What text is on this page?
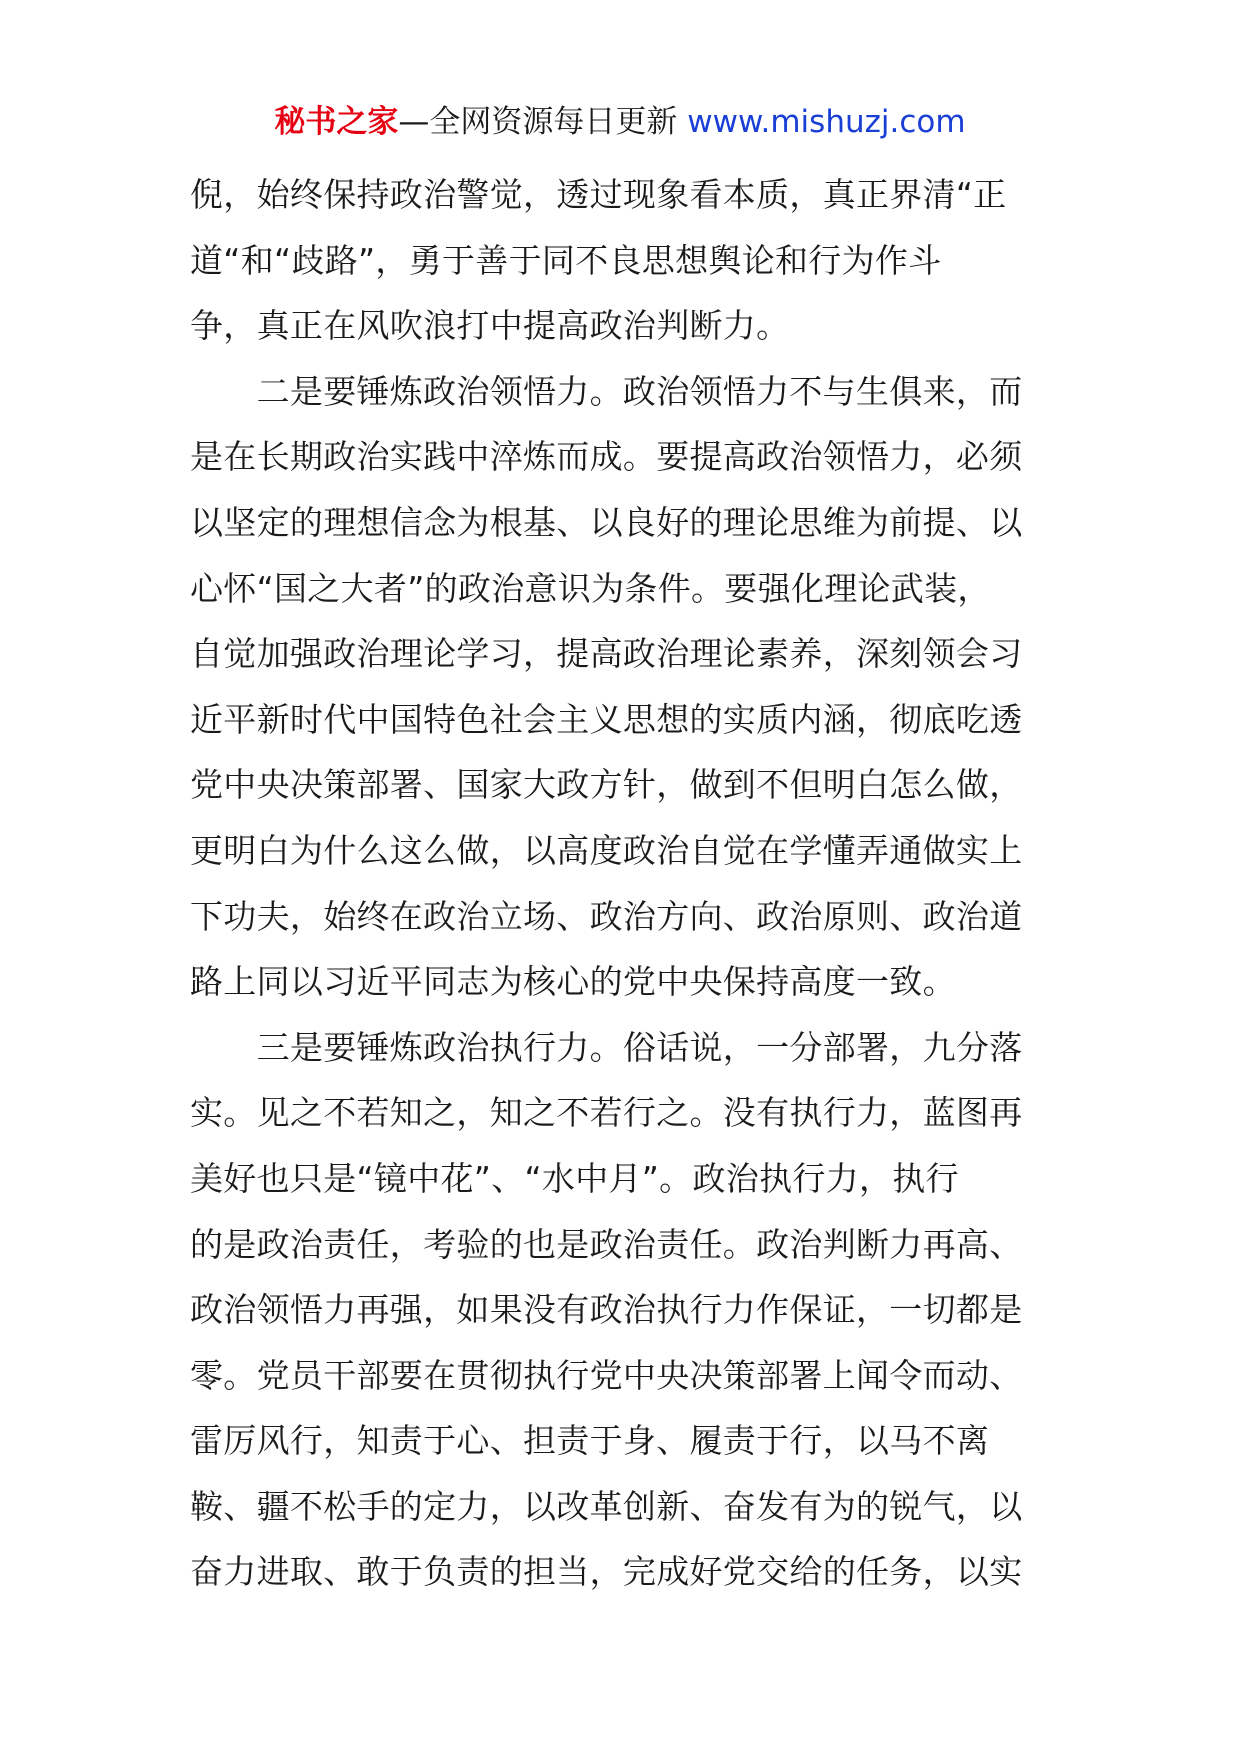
秘书之家—全网资源每日更新 www.mishuzj.com
倪，始终保持政治警觉，透过现象看本质，真正界清“正
道“和“歧路”，勇于善于同不良思想舆论和行为作斗
争，真正在风吹浪打中提高政治判断力。
　　二是要锤炼政治领悟力。政治领悟力不与生俱来，而
是在长期政治实践中淬炼而成。要提高政治领悟力，必须
以坚定的理想信念为根基、以良好的理论思维为前提、以
心怀“国之大者”的政治意识为条件。要强化理论武装，
自觉加强政治理论学习，提高政治理论素养，深刻领会习
近平新时代中国特色社会主义思想的实质内涵，彻底吃透
党中央决策部署、国家大政方针，做到不但明白怎么做，
更明白为什么这么做，以高度政治自觉在学懂弄通做实上
下功夫，始终在政治立场、政治方向、政治原则、政治道
路上同以习近平同志为核心的党中央保持高度一致。
　　三是要锤炼政治执行力。俗话说，一分部署，九分落
实。见之不若知之，知之不若行之。没有执行力，蓝图再
美好也只是“镜中花”、“水中月”。政治执行力，执行
的是政治责任，考验的也是政治责任。政治判断力再高、
政治领悟力再强，如果没有政治执行力作保证，一切都是
零。党员干部要在贯彻执行党中央决策部署上闻令而动、
雷厉风行，知责于心、担责于身、履责于行，以马不离
鞍、疆不松手的定力，以改革创新、奋发有为的锐气，以
奋力进取、敢于负责的担当，完成好党交给的任务，以实
